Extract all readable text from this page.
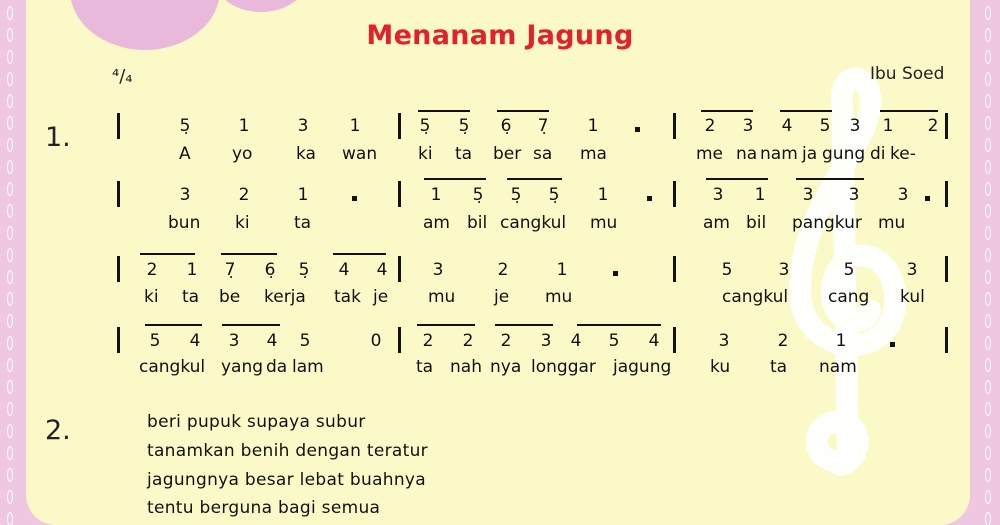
Menanam Jagung
Ibu Soed
⁴/₄
1.
2.
5̣	1	3 1	5̣ 5̣ 6̣ 7̣ 1	2 3 4 5 3 1 2
A yo	ka wan ki ta ber sa ma	me na nam ja gung di ke-
3	2	1	1 5̣ 5̣ 5̣ 1	3 1 3 3 3
bun ki	ta	am bil cangkul mu	am bil pangkur mu
2 1 7̣ 6̣ 5̣ 4 4	3	2	1	5	3	5	3
ki ta be kerja tak je mu je mu	cangkul cang kul
5 4 3 4 5	0 2 2 2 3 4 5 4	3	2	1
cangkul yang da lam	ta nah nya longgar jagung ku ta nam
beri pupuk supaya subur
tanamkan benih dengan teratur
jagungnya besar lebat buahnya
tentu berguna bagi semua
